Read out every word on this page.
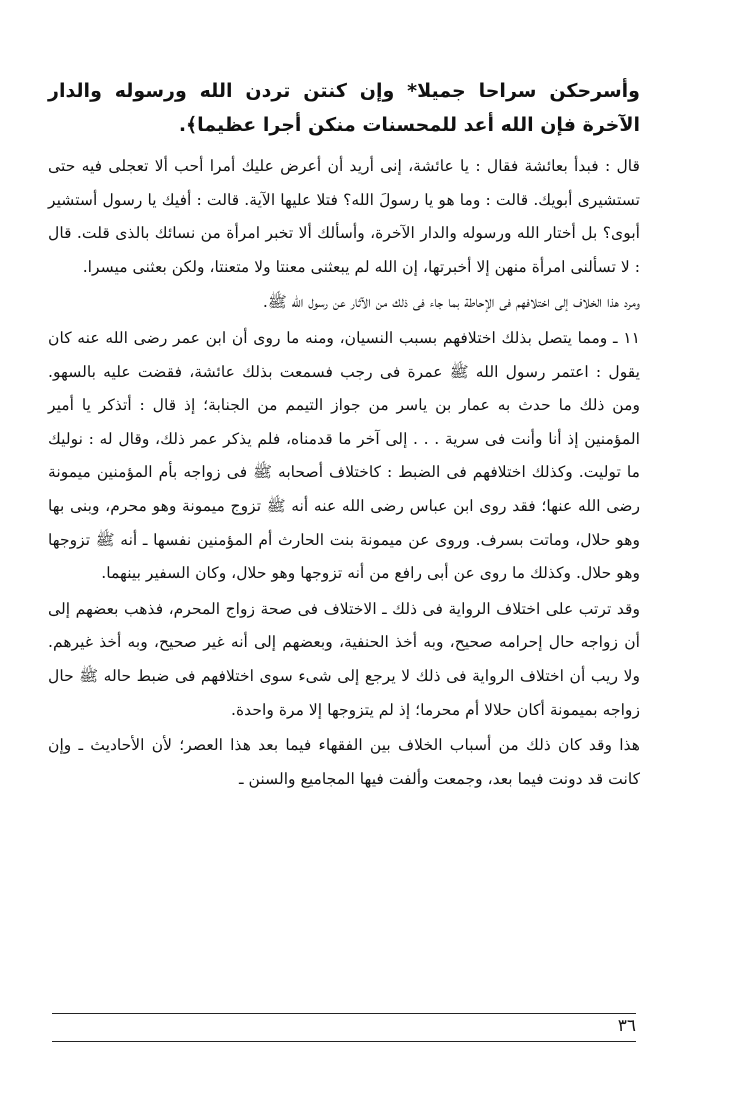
وأسرحكن سراحا جميلا* وإن كنتن تردن الله ورسوله والدار الآخرة فإن الله أعد للمحسنات منكن أجرا عظيما﴾.

قال : فبدأ بعائشة فقال : يا عائشة، إنى أريد أن أعرض عليك أمرا أحب ألا تعجلى فيه حتى تستشيرى أبويك. قالت : وما هو يا رسولَ الله؟ فتلا عليها الآية. قالت : أفيك يا رسول أستشير أبوى؟ بل أختار الله ورسوله والدار الآخرة، وأسألك ألا تخبر امرأة من نسائك بالذى قلت. قال : لا تسألنى امرأة منهن إلا أخبرتها، إن الله لم يبعثنى معنتا ولا متعنتا، ولكن بعثنى ميسرا.

ومرد هذا الخلاف إلى اختلافهم فى الإحاطة بما جاء فى ذلك من الآثار عن رسول الله ﷺ.

١١ ـ ومما يتصل بذلك اختلافهم بسبب النسيان، ومنه ما روى أن ابن عمر رضى الله عنه كان يقول : اعتمر رسول الله ﷺ عمرة فى رجب فسمعت بذلك عائشة، فقضت عليه بالسهو. ومن ذلك ما حدث به عمار بن ياسر من جواز التيمم من الجنابة؛ إذ قال : أتذكر يا أمير المؤمنين إذ أنا وأنت فى سرية . . . إلى آخر ما قدمناه، فلم يذكر عمر ذلك، وقال له : نوليك ما توليت. وكذلك اختلافهم فى الضبط : كاختلاف أصحابه ﷺ فى زواجه بأم المؤمنين ميمونة رضى الله عنها؛ فقد روى ابن عباس رضى الله عنه أنه ﷺ تزوج ميمونة وهو محرم، وبنى بها وهو حلال، وماتت بسرف. وروى عن ميمونة بنت الحارث أم المؤمنين نفسها ـ أنه ﷺ تزوجها وهو حلال. وكذلك ما روى عن أبى رافع من أنه تزوجها وهو حلال، وكان السفير بينهما.

وقد ترتب على اختلاف الرواية فى ذلك ـ الاختلاف فى صحة زواج المحرم، فذهب بعضهم إلى أن زواجه حال إحرامه صحيح، وبه أخذ الحنفية، وبعضهم إلى أنه غير صحيح، وبه أخذ غيرهم. ولا ريب أن اختلاف الرواية فى ذلك لا يرجع إلى شىء سوى اختلافهم فى ضبط حاله ﷺ حال زواجه بميمونة أكان حلالا أم محرما؛ إذ لم يتزوجها إلا مرة واحدة.

هذا وقد كان ذلك من أسباب الخلاف بين الفقهاء فيما بعد هذا العصر؛ لأن الأحاديث ـ وإن كانت قد دونت فيما بعد، وجمعت وألفت فيها المجاميع والسنن ـ

٣٦
